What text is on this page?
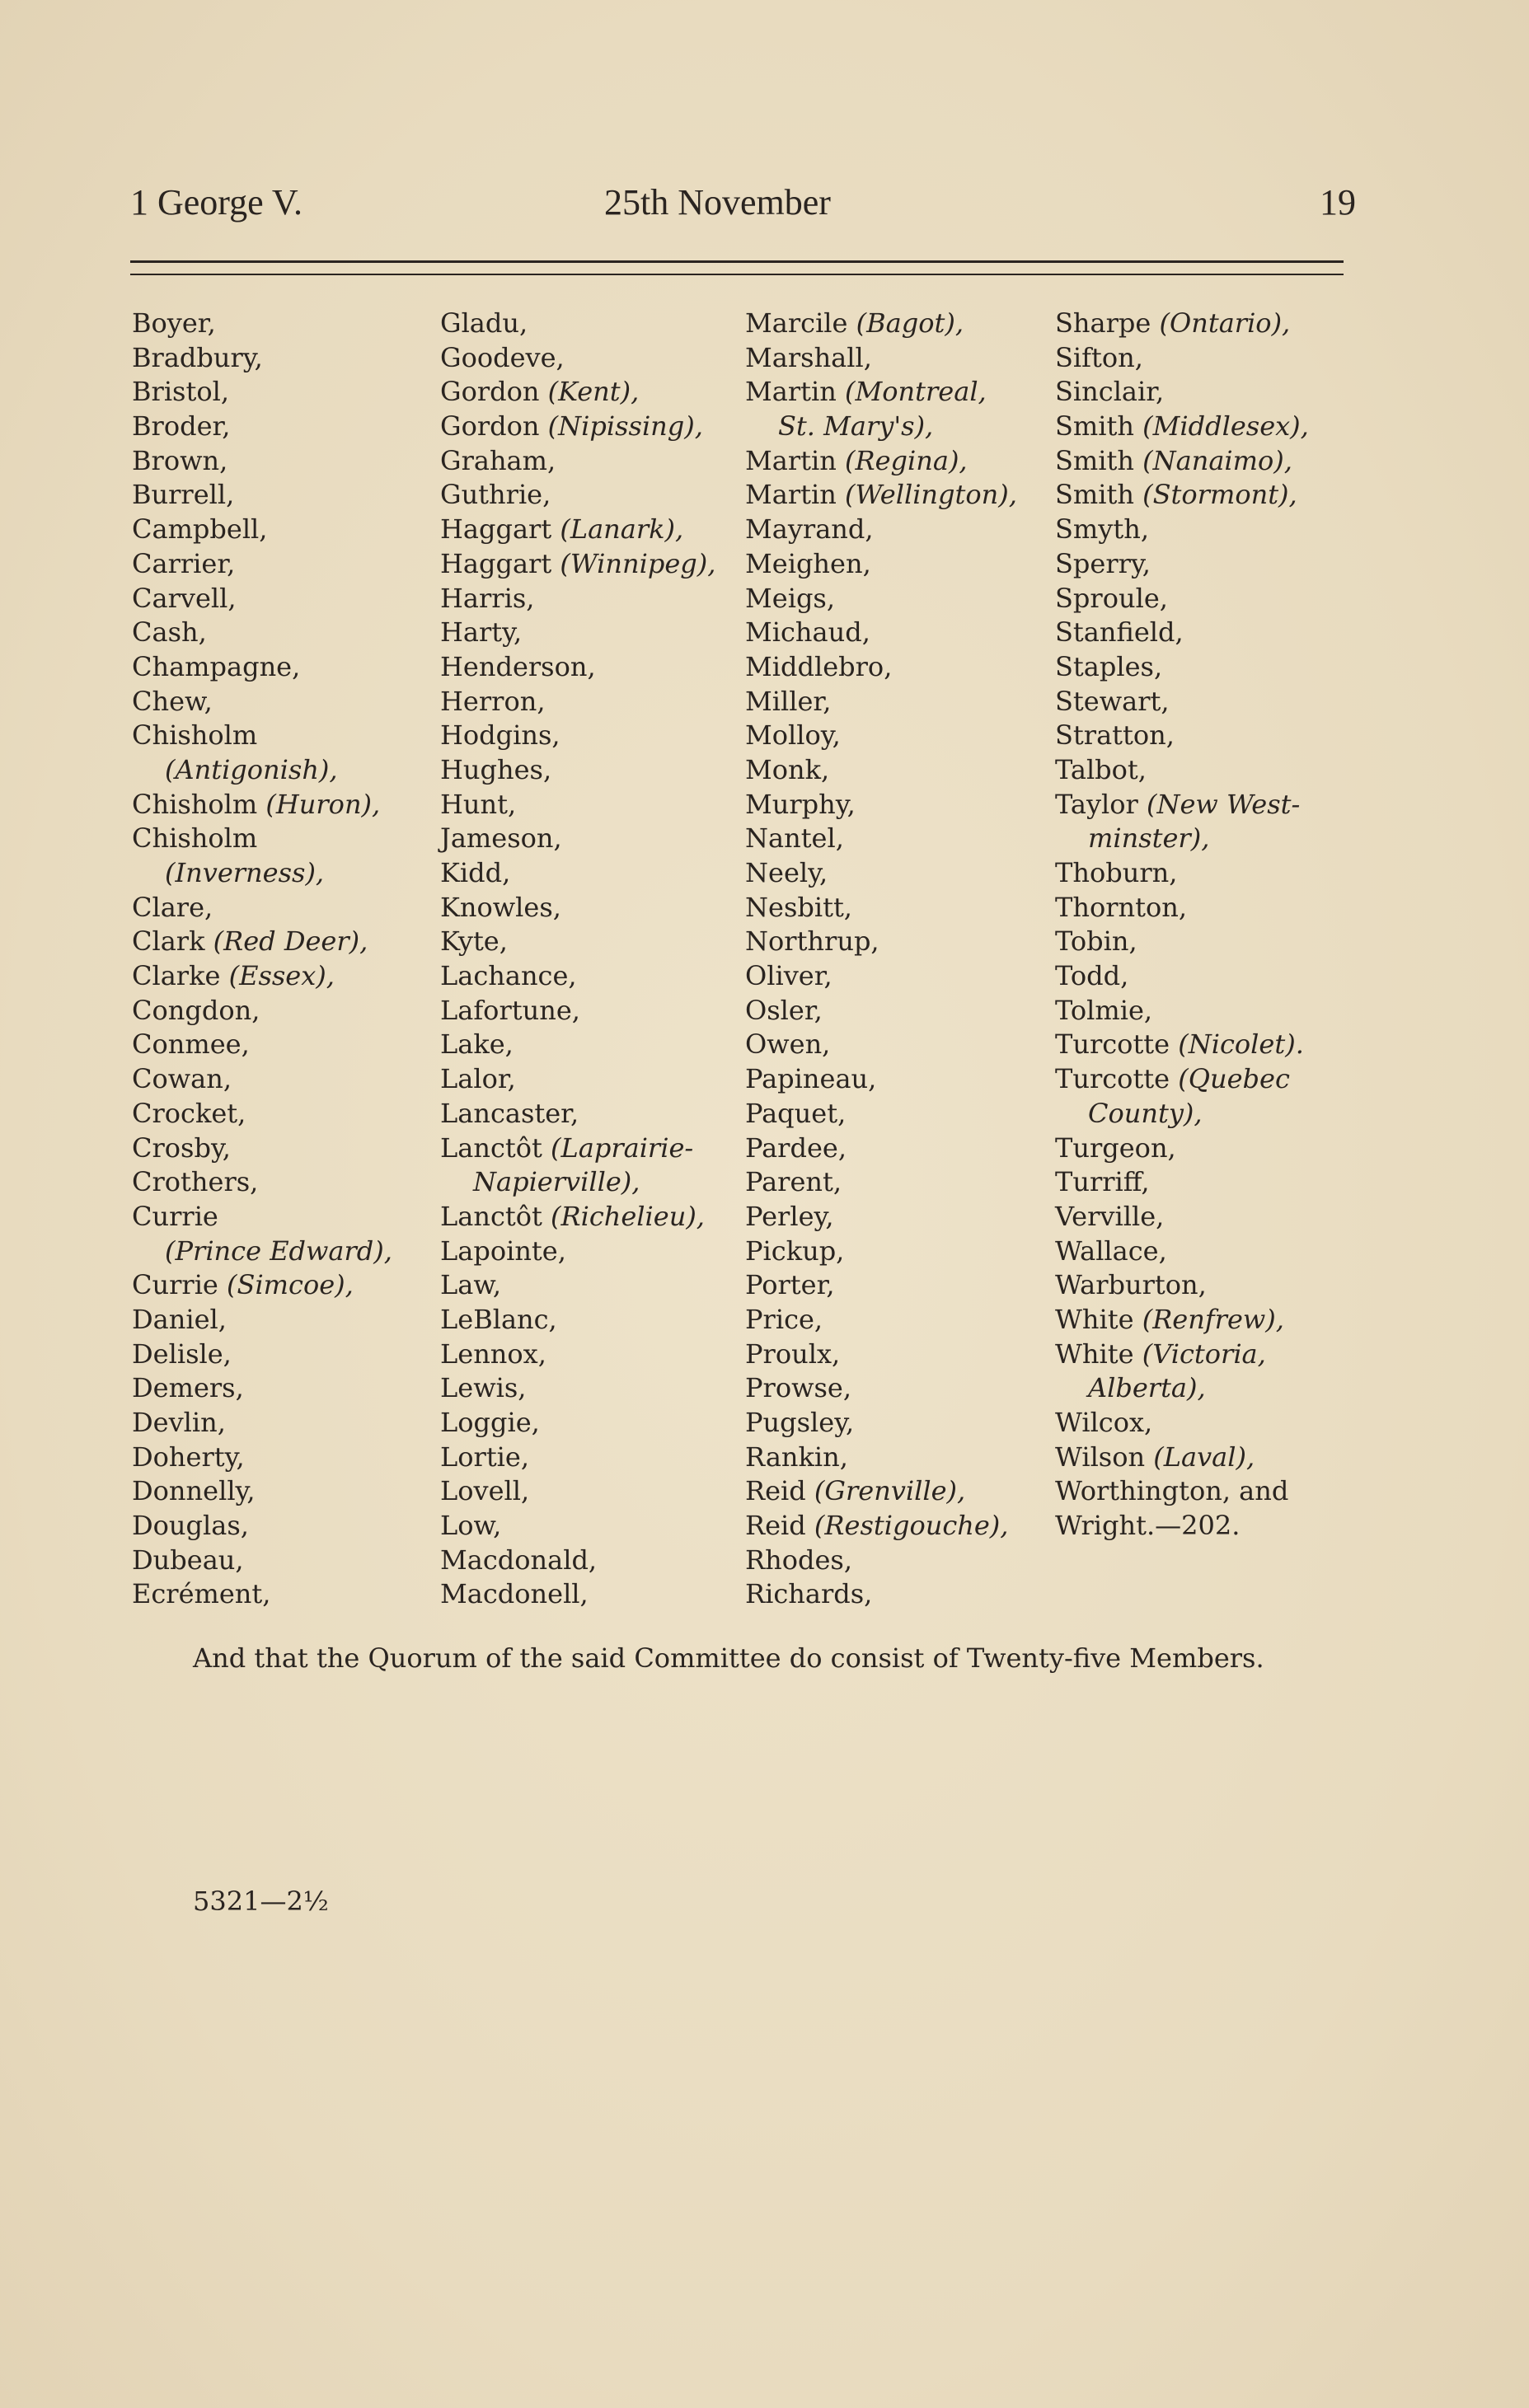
1 George V.	25th November	19
Boyer,
Bradbury,
Bristol,
Broder,
Brown,
Burrell,
Campbell,
Carrier,
Carvell,
Cash,
Champagne,
Chew,
Chisholm
(Antigonish),
Chisholm (Huron),
Chisholm
(Inverness),
Clare,
Clark (Red Deer),
Clarke (Essex),
Congdon,
Conmee,
Cowan,
Crocket,
Crosby,
Crothers,
Currie
(Prince Edward),
Currie (Simcoe),
Daniel,
Delisle,
Demers,
Devlin,
Doherty,
Donnelly,
Douglas,
Dubeau,
Ecrément,
Gladu,
Goodeve,
Gordon (Kent),
Gordon (Nipissing),
Graham,
Guthrie,
Haggart (Lanark),
Haggart (Winnipeg),
Harris,
Harty,
Henderson,
Herron,
Hodgins,
Hughes,
Hunt,
Jameson,
Kidd,
Knowles,
Kyte,
Lachance,
Lafortune,
Lake,
Lalor,
Lancaster,
Lanctôt (Laprairie-
Napierville),
Lanctôt (Richelieu),
Lapointe,
Law,
LeBlanc,
Lennox,
Lewis,
Loggie,
Lortie,
Lovell,
Low,
Macdonald,
Macdonell,
Marcile (Bagot),
Marshall,
Martin (Montreal,
St. Mary's),
Martin (Regina),
Martin (Wellington),
Mayrand,
Meighen,
Meigs,
Michaud,
Middlebro,
Miller,
Molloy,
Monk,
Murphy,
Nantel,
Neely,
Nesbitt,
Northrup,
Oliver,
Osler,
Owen,
Papineau,
Paquet,
Pardee,
Parent,
Perley,
Pickup,
Porter,
Price,
Proulx,
Prowse,
Pugsley,
Rankin,
Reid (Grenville),
Reid (Restigouche),
Rhodes,
Richards,
Sharpe (Ontario),
Sifton,
Sinclair,
Smith (Middlesex),
Smith (Nanaimo),
Smith (Stormont),
Smyth,
Sperry,
Sproule,
Stanfield,
Staples,
Stewart,
Stratton,
Talbot,
Taylor (New West-
minster),
Thoburn,
Thornton,
Tobin,
Todd,
Tolmie,
Turcotte (Nicolet).
Turcotte (Quebec
County),
Turgeon,
Turriff,
Verville,
Wallace,
Warburton,
White (Renfrew),
White (Victoria,
Alberta),
Wilcox,
Wilson (Laval),
Worthington, and
Wright.—202.
And that the Quorum of the said Committee do consist of Twenty-five Members.
5321—2½
